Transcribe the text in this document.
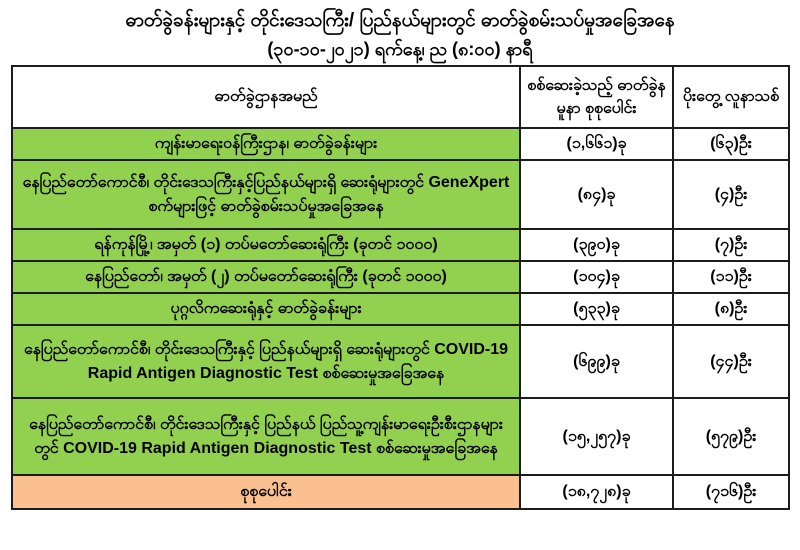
ဓာတ်ခွဲခန်းများနှင့် တိုင်းဒေသကြီး/ ပြည်နယ်များတွင် ဓာတ်ခွဲစမ်းသပ်မှုအခြေအနေ
(၃၀-၁၀-၂၀၂၁) ရက်နေ့၊ ည (၈:၀၀) နာရီ
ဓာတ်ခွဲဌာနအမည်	စစ်ဆေးခဲ့သည့် ဓာတ်ခွဲနမူနာ စုစုပေါင်း	ပိုးတွေ့ လူနာသစ်
ကျန်းမာရေးဝန်ကြီးဌာန၊ ဓာတ်ခွဲခန်းများ	(၁,၆၆၁)ခု	(၆၃)ဦး
နေပြည်တော်ကောင်စီ၊ တိုင်းဒေသကြီးနှင့်ပြည်နယ်များရှိ ဆေးရုံများတွင် GeneXpert စက်များဖြင့် ဓာတ်ခွဲစမ်းသပ်မှုအခြေအနေ	(၈၄)ခု	(၄)ဦး
ရန်ကုန်မြို့၊ အမှတ် (၁) တပ်မတော်ဆေးရုံကြီး (ခုတင် ၁၀၀၀)	(၃၉၀)ခု	(၇)ဦး
နေပြည်တော်၊ အမှတ် (၂) တပ်မတော်ဆေးရုံကြီး (ခုတင် ၁၀၀၀)	(၁၀၄)ခု	(၁၁)ဦး
ပုဂ္ဂလိကဆေးရုံနှင့် ဓာတ်ခွဲခန်းများ	(၅၃၃)ခု	(၈)ဦး
နေပြည်တော်ကောင်စီ၊ တိုင်းဒေသကြီးနှင့် ပြည်နယ်များရှိ ဆေးရုံများတွင် COVID-19 Rapid Antigen Diagnostic Test စစ်ဆေးမှုအခြေအနေ	(၆၉၉)ခု	(၄၄)ဦး
နေပြည်တော်ကောင်စီ၊ တိုင်းဒေသကြီးနှင့် ပြည်နယ် ပြည်သူ့ကျန်းမာရေးဦးစီးဌာနများတွင် COVID-19 Rapid Antigen Diagnostic Test စစ်ဆေးမှုအခြေအနေ	(၁၅,၂၅၇)ခု	(၅၇၉)ဦး
စုစုပေါင်း	(၁၈,၇၂၈)ခု	(၇၁၆)ဦး
